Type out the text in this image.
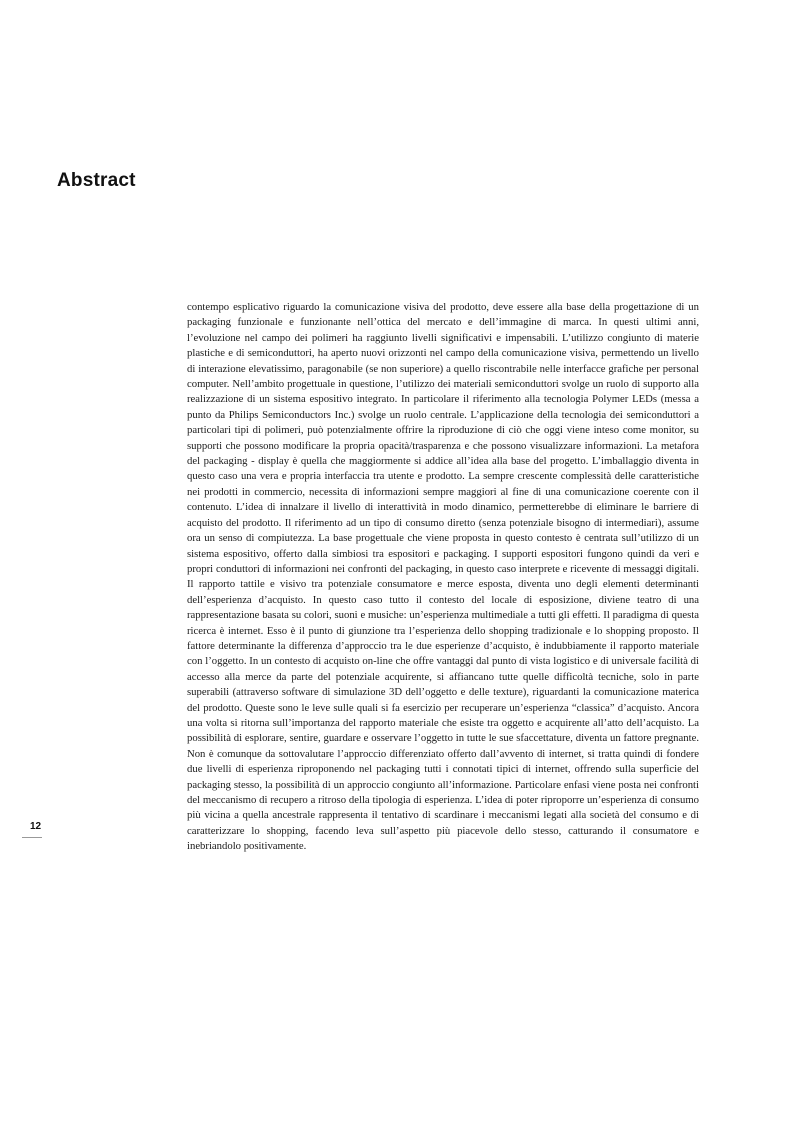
Abstract
12

contempo esplicativo riguardo la comunicazione visiva del prodotto, deve essere alla base della progettazione di un packaging funzionale e funzionante nell’ottica del mercato e dell’immagine di marca. In questi ultimi anni, l’evoluzione nel campo dei polimeri ha raggiunto livelli significativi e impensabili. L’utilizzo congiunto di materie plastiche e di semiconduttori, ha aperto nuovi orizzonti nel campo della comunicazione visiva, permettendo un livello di interazione elevatissimo, paragonabile (se non superiore) a quello riscontrabile nelle interfacce grafiche per personal computer. Nell’ambito progettuale in questione, l’utilizzo dei materiali semiconduttori svolge un ruolo di supporto alla realizzazione di un sistema espositivo integrato. In particolare il riferimento alla tecnologia Polymer LEDs (messa a punto da Philips Semiconductors Inc.) svolge un ruolo centrale. L’applicazione della tecnologia dei semiconduttori a particolari tipi di polimeri, può potenzialmente offrire la riproduzione di ciò che oggi viene inteso come monitor, su supporti che possono modificare la propria opacità/trasparenza e che possono visualizzare informazioni. La metafora del packaging - display è quella che maggiormente si addice all’idea alla base del progetto. L’imballaggio diventa in questo caso una vera e propria interfaccia tra utente e prodotto. La sempre crescente complessità delle caratteristiche nei prodotti in commercio, necessita di informazioni sempre maggiori al fine di una comunicazione coerente con il contenuto. L’idea di innalzare il livello di interattività in modo dinamico, permetterebbe di eliminare le barriere di acquisto del prodotto. Il riferimento ad un tipo di consumo diretto (senza potenziale bisogno di intermediari), assume ora un senso di compiutezza. La base progettuale che viene proposta in questo contesto è centrata sull’utilizzo di un sistema espositivo, offerto dalla simbiosi tra espositori e packaging. I supporti espositori fungono quindi da veri e propri conduttori di informazioni nei confronti del packaging, in questo caso interprete e ricevente di messaggi digitali. Il rapporto tattile e visivo tra potenziale consumatore e merce esposta, diventa uno degli elementi determinanti dell’esperienza d’acquisto. In questo caso tutto il contesto del locale di esposizione, diviene teatro di una rappresentazione basata su colori, suoni e musiche: un’esperienza multimediale a tutti gli effetti. Il paradigma di questa ricerca è internet. Esso è il punto di giunzione tra l’esperienza dello shopping tradizionale e lo shopping proposto. Il fattore determinante la differenza d’approccio tra le due esperienze d’acquisto, è indubbiamente il rapporto materiale con l’oggetto. In un contesto di acquisto on-line che offre vantaggi dal punto di vista logistico e di universale facilità di accesso alla merce da parte del potenziale acquirente, si affiancano tutte quelle difficoltà tecniche, solo in parte superabili (attraverso software di simulazione 3D dell’oggetto e delle texture), riguardanti la comunicazione materica del prodotto. Queste sono le leve sulle quali si fa esercizio per recuperare un’esperienza “classica” d’acquisto. Ancora una volta si ritorna sull’importanza del rapporto materiale che esiste tra oggetto e acquirente all’atto dell’acquisto. La possibilità di esplorare, sentire, guardare e osservare l’oggetto in tutte le sue sfaccettature, diventa un fattore pregnante. Non è comunque da sottovalutare l’approccio differenziato offerto dall’avvento di internet, si tratta quindi di fondere due livelli di esperienza riproponendo nel packaging tutti i connotati tipici di internet, offrendo sulla superficie del packaging stesso, la possibilità di un approccio congiunto all’informazione. Particolare enfasi viene posta nei confronti del meccanismo di recupero a ritroso della tipologia di esperienza. L’idea di poter riproporre un’esperienza di consumo più vicina a quella ancestrale rappresenta il tentativo di scardinare i meccanismi legati alla società del consumo e di caratterizzare lo shopping, facendo leva sull’aspetto più piacevole dello stesso, catturando il consumatore e inebriandolo positivamente.
